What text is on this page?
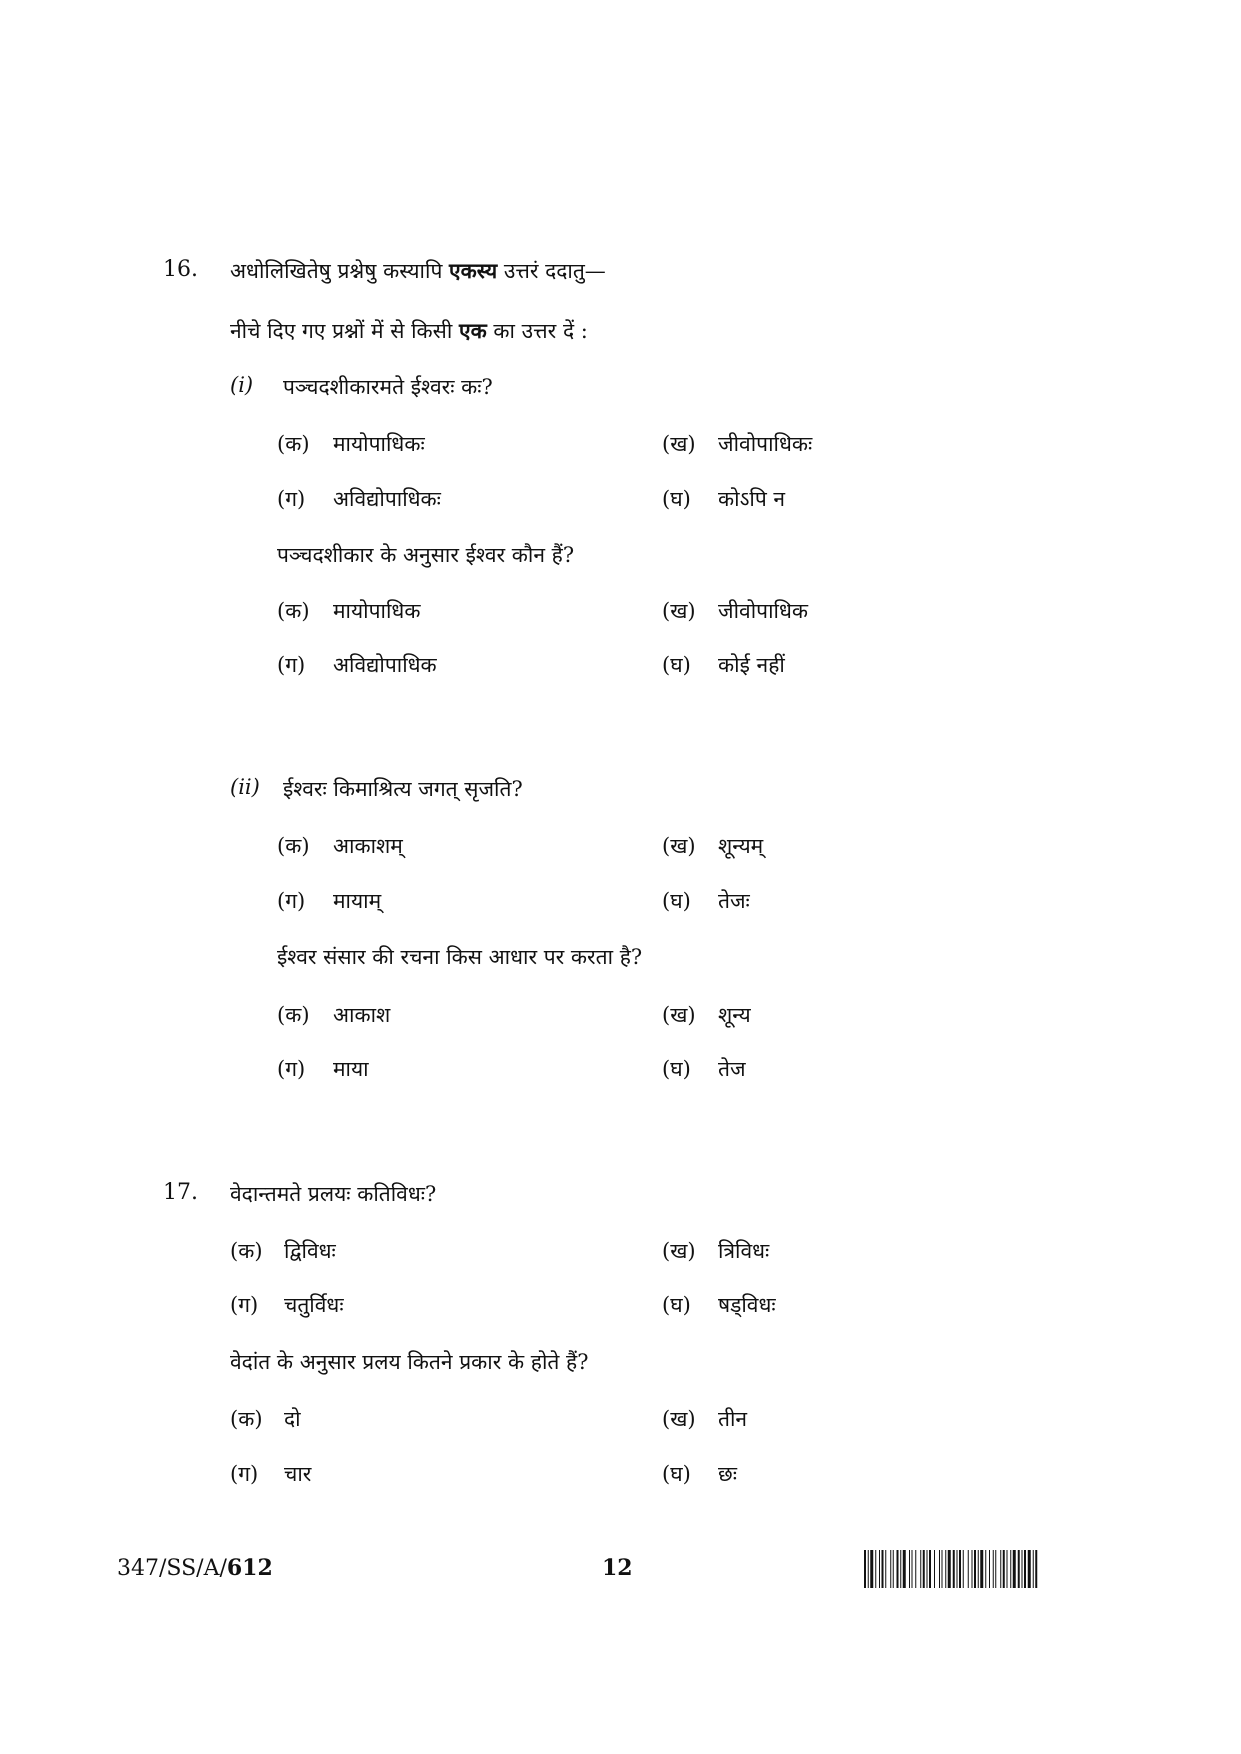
16. अधोलिखितेषु प्रश्नेषु कस्यापि एकस्य उत्तरं ददातु—
नीचे दिए गए प्रश्नों में से किसी एक का उत्तर दें :
(i) पञ्चदशीकारमते ईश्वरः कः?
(क) मायोपाधिकः	(ख) जीवोपाधिकः
(ग) अविद्योपाधिकः	(घ) कोऽपि न
पञ्चदशीकार के अनुसार ईश्वर कौन हैं?
(क) मायोपाधिक	(ख) जीवोपाधिक
(ग) अविद्योपाधिक	(घ) कोई नहीं
(ii) ईश्वरः किमाश्रित्य जगत् सृजति?
(क) आकाशम्	(ख) शून्यम्
(ग) मायाम्	(घ) तेजः
ईश्वर संसार की रचना किस आधार पर करता है?
(क) आकाश	(ख) शून्य
(ग) माया	(घ) तेज
17. वेदान्तमते प्रलयः कतिविधः?
(क) द्विविधः	(ख) त्रिविधः
(ग) चतुर्विधः	(घ) षड्विधः
वेदांत के अनुसार प्रलय कितने प्रकार के होते हैं?
(क) दो	(ख) तीन
(ग) चार	(घ) छः
347/SS/A/612	12
